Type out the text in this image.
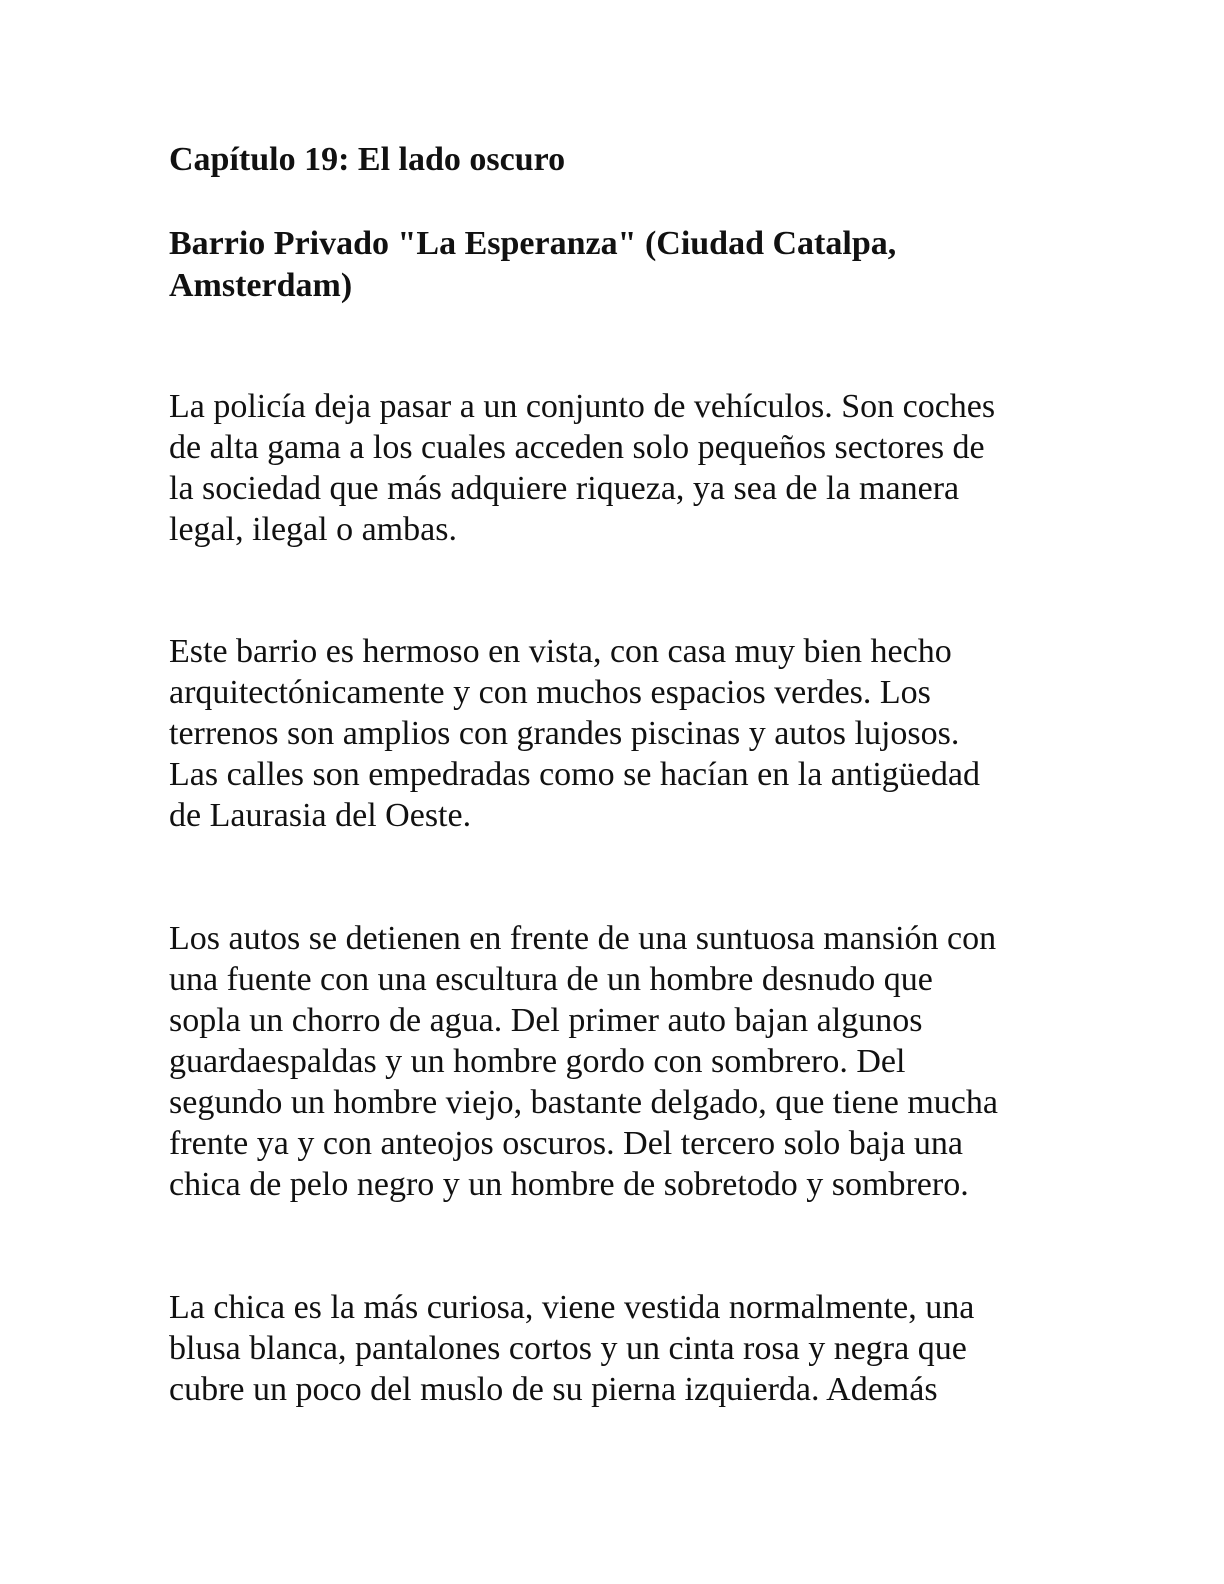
Capítulo 19: El lado oscuro
Barrio Privado "La Esperanza" (Ciudad Catalpa,
Amsterdam)

La policía deja pasar a un conjunto de vehículos. Son coches
de alta gama a los cuales acceden solo pequeños sectores de
la sociedad que más adquiere riqueza, ya sea de la manera
legal, ilegal o ambas.

Este barrio es hermoso en vista, con casa muy bien hecho
arquitectónicamente y con muchos espacios verdes. Los
terrenos son amplios con grandes piscinas y autos lujosos.
Las calles son empedradas como se hacían en la antigüedad
de Laurasia del Oeste.

Los autos se detienen en frente de una suntuosa mansión con
una fuente con una escultura de un hombre desnudo que
sopla un chorro de agua. Del primer auto bajan algunos
guardaespaldas y un hombre gordo con sombrero. Del
segundo un hombre viejo, bastante delgado, que tiene mucha
frente ya y con anteojos oscuros. Del tercero solo baja una
chica de pelo negro y un hombre de sobretodo y sombrero.

La chica es la más curiosa, viene vestida normalmente, una
blusa blanca, pantalones cortos y un cinta rosa y negra que
cubre un poco del muslo de su pierna izquierda. Además
